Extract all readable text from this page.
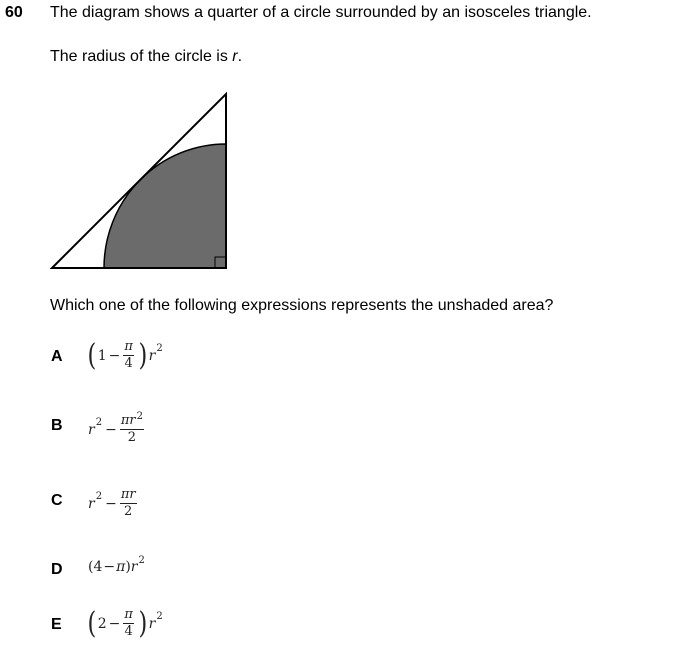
60 The diagram shows a quarter of a circle surrounded by an isosceles triangle.
The radius of the circle is r.
Which one of the following expressions represents the unshaded area?
A ( $1 - \frac{\pi}{4}$ ) r 2
B r $2 - \frac{\pi r^2}{2}$
C r $2 - \frac{\pi r}{2}$
D ( 4 − π ) r 2
E ( $2 - \frac{\pi}{4}$ ) r 2
